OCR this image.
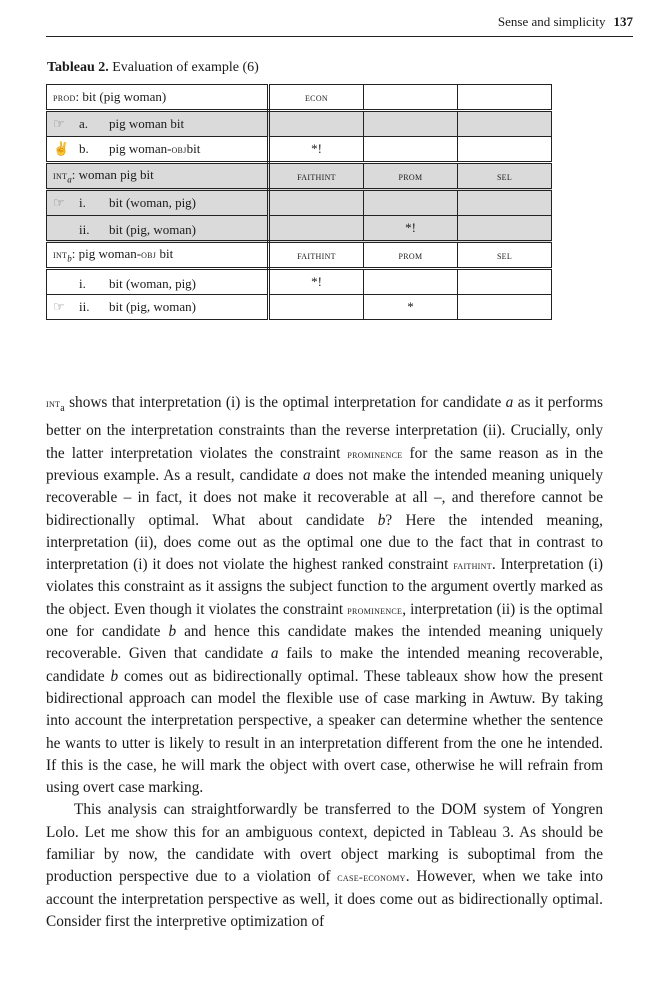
Sense and simplicity 137
Tableau 2. Evaluation of example (6)
prod: bit (pig woman)	econ		

☞ a. pig woman bit			

✌ b. pig woman- obj bit	*!		
int$_a$: woman pig bit	faithint	prom	sel

☞ i. bit (woman, pig)			

ii. bit (pig, woman)		*!	
int$_b$: pig woman-obj bit	faithint	prom	sel

i. bit (woman, pig)	*!		

☞ ii. bit (pig, woman)		*	

int$_a$ shows that interpretation (i) is the optimal interpretation for candidate a as it performs better on the interpretation constraints than the reverse interpretation (ii). Crucially, only the latter interpretation violates the constraint prominence for the same reason as in the previous example. As a result, candidate a does not make the intended meaning uniquely recoverable – in fact, it does not make it recoverable at all –, and therefore cannot be bidirectionally optimal. What about candidate b? Here the intended meaning, interpretation (ii), does come out as the optimal one due to the fact that in contrast to interpretation (i) it does not violate the highest ranked constraint faithint. Interpretation (i) violates this constraint as it assigns the subject function to the argument overtly marked as the object. Even though it violates the constraint prominence, interpretation (ii) is the optimal one for candidate b and hence this candidate makes the intended meaning uniquely recoverable. Given that candidate a fails to make the intended meaning recoverable, candidate b comes out as bidirectionally optimal. These tableaux show how the present bidirectional approach can model the flexible use of case marking in Awtuw. By taking into account the interpretation perspective, a speaker can determine whether the sentence he wants to utter is likely to result in an interpretation different from the one he intended. If this is the case, he will mark the object with overt case, otherwise he will refrain from using overt case marking.

This analysis can straightforwardly be transferred to the DOM system of Yongren Lolo. Let me show this for an ambiguous context, depicted in Tableau 3. As should be familiar by now, the candidate with overt object marking is suboptimal from the production perspective due to a violation of case-economy. However, when we take into account the interpretation perspective as well, it does come out as bidirectionally optimal. Consider first the interpretive optimization of
